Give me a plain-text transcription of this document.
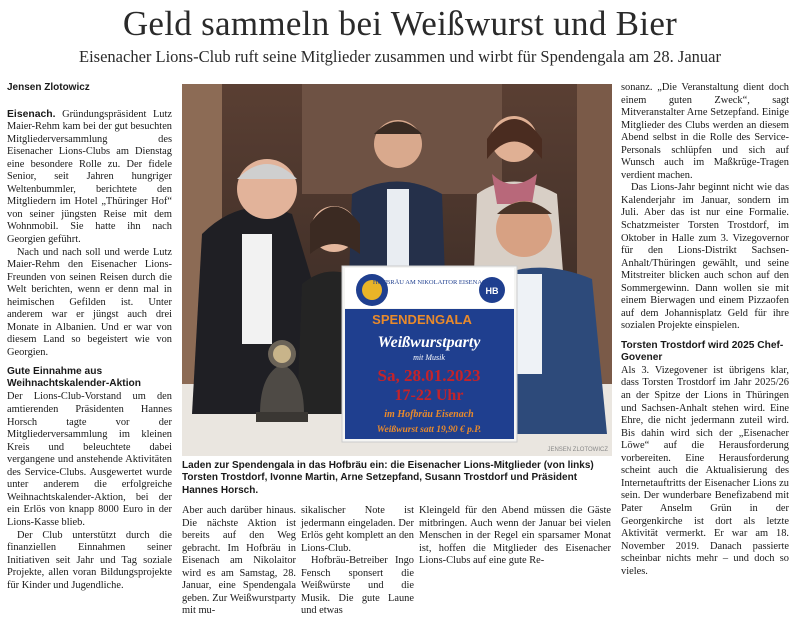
Geld sammeln bei Weißwurst und Bier
Eisenacher Lions-Club ruft seine Mitglieder zusammen und wirbt für Spendengala am 28. Januar
Jensen Zlotowicz

Eisenach. Gründungspräsident Lutz Maier-Rehm kam bei der gut besuchten Mitgliederversammlung des Eisenacher Lions-Clubs am Dienstag eine besondere Rolle zu. Der fidele Senior, seit Jahren hungriger Weltenbummler, berichtete den Mitgliedern im Hotel „Thüringer Hof“ von seiner jüngsten Reise mit dem Wohnmobil. Sie hatte ihn nach Georgien geführt.

Nach und nach soll und werde Lutz Maier-Rehm den Eisenacher Lions-Freunden von seinen Reisen durch die Welt berichten, wenn er denn mal in heimischen Gefilden ist. Unter anderem war er jüngst auch drei Monate in Albanien. Und er war von diesem Land so begeistert wie von Georgien.

Gute Einnahme aus Weihnachtskalender-Aktion

Der Lions-Club-Vorstand um den amtierenden Präsidenten Hannes Horsch tagte vor der Mitgliederversammlung im kleinen Kreis und beleuchtete dabei vergangene und anstehende Aktivitäten des Service-Clubs. Ausgewertet wurde unter anderem die erfolgreiche Weihnachtskalender-Aktion, bei der ein Erlös von knapp 8000 Euro in der Lions-Kasse blieb.

Der Club unterstützt durch die finanziellen Einnahmen seiner Initiativen seit Jahr und Tag soziale Projekte, allen voran Bildungsprojekte für Kinder und Jugendliche.

HB
HOFBRÄU AM NIKOLAITOR EISENACH
SPENDENGALA
Weißwurstparty
mit Musik
Sa, 28.01.2023
17-22 Uhr
im Hofbräu Eisenach
Weißwurst satt 19,90 € p.P.
JENSEN ZLOTOWICZ
Laden zur Spendengala in das Hofbräu ein: die Eisenacher Lions-Mitglieder (von links) Torsten Trostdorf, Ivonne Martin, Arne Setzepfand, Susann Trostdorf und Präsident Hannes Horsch.

Aber auch darüber hinaus. Die nächste Aktion ist bereits auf den Weg gebracht. Im Hofbräu in Eisenach am Nikolaitor wird es am Samstag, 28. Januar, eine Spendengala geben. Zur Weißwurstparty mit mu-

sikalischer Note ist jedermann eingeladen. Der Erlös geht komplett an den Lions-Club.

Hofbräu-Betreiber Ingo Fensch sponsert die Weißwürste und die Musik. Die gute Laune und etwas

Kleingeld für den Abend müssen die Gäste mitbringen. Auch wenn der Januar bei vielen Menschen in der Regel ein sparsamer Monat ist, hoffen die Mitglieder des Eisenacher Lions-Clubs auf eine gute Re-

sonanz. „Die Veranstaltung dient doch einem guten Zweck“, sagt Mitveranstalter Arne Setzepfand. Einige Mitglieder des Clubs werden an diesem Abend selbst in die Rolle des Service-Personals schlüpfen und sich auf Wunsch auch im Maßkrüge-Tragen verdient machen.

Das Lions-Jahr beginnt nicht wie das Kalenderjahr im Januar, sondern im Juli. Aber das ist nur eine Formalie. Schatzmeister Torsten Trostdorf, im Oktober in Halle zum 3. Vizegovernor für den Lions-Distrikt Sachsen-Anhalt/Thüringen gewählt, und seine Mitstreiter blicken auch schon auf den Sommergewinn. Dann wollen sie mit einem Bierwagen und einem Pizzaofen auf dem Johannisplatz Geld für ihre sozialen Projekte einspielen.

Torsten Trostdorf wird 2025 Chef-Govener

Als 3. Vizegovener ist übrigens klar, dass Torsten Trostdorf im Jahr 2025/26 an der Spitze der Lions in Thüringen und Sachsen-Anhalt stehen wird. Eine Ehre, die nicht jedermann zuteil wird. Bis dahin wird sich der „Eisenacher Löwe“ auf die Herausforderung vorbereiten. Eine Herausforderung scheint auch die Aktualisierung des Internetauftritts der Eisenacher Lions zu sein. Der wunderbare Benefizabend mit Pater Anselm Grün in der Georgenkirche ist dort als letzte Aktivität vermerkt. Er war am 18. November 2019. Danach passierte scheinbar nichts mehr – und doch so vieles.
